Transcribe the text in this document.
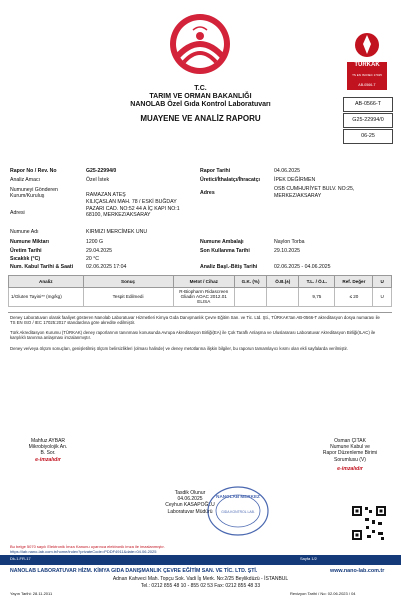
TÜRKAK
TS EN ISO/IEC 17025
AB-0566-T
T.C.
TARIM VE ORMAN BAKANLIĞI
NANOLAB Özel Gıda Kontrol Laboratuvarı
MUAYENE VE ANALİZ RAPORU
AB-0566-T
G25-22994/0
06-25
Rapor No / Rev. No	G25-22994/0
Analiz Amacı	Özel İstek
Numuneyi Gönderen Kurum/Kuruluş	RAMAZAN ATEŞ
Adresi
KILIÇASLAN MAH. 78 / ESKİ BUĞDAY PAZARI CAD. NO:52 44 A İÇ KAPI NO:1 68100, MERKEZ/AKSARAY
Numune Adı	KIRMIZI MERCİMEK UNU
Numune Miktarı	1200 G
Üretim Tarihi	29.04.2025
Sıcaklık (°C)	20 °C
Num. Kabul Tarihi & Saati 02.06.2025 17:04
Rapor Tarihi	04.06.2025
Üretici/İthalatçı/İhracatçı	İPEK DEĞİRMEN
Adres
OSB CUMHURİYET BULV. NO:25, MERKEZ/AKSARAY
Numune Ambalajı	Naylon Torba
Son Kullanma Tarihi	29.10.2025
Analiz Başl.-Bitiş Tarihi	02.06.2025 - 04.06.2025
Analiz	Sonuç	Metot / Cihaz	G.K. (%)	Ö.B.(±)	T.L. / Ö.L.	Ref. Değer	U
1/Gluten Tayini** (mg/kg)	Tespit Edilmedi	R-Biopharm Ridascreen Gliadin AOAC 2012.01 ELISA			9,75	≤ 20	U
Deney Laboratuvarı olarak faaliyet gösteren Nanolab Laboratuvar Hizmetleri Kimya Gıda Danışmanlık Çevre Eğitim San. ve Tic. Ltd. Şti., TÜRKAK'tan AB-0566-T akreditasyon dosya numarası ile TS EN ISO / IEC 17025:2017 standardına göre akredite edilmiştir.
Türk Akreditasyon Kurumu (TÜRKAK) deney raporlarının tanınması konusunda Avrupa Akreditasyon Birliği(EA) ile Çok Taraflı Anlaşma ve Uluslararası Laboratuvar Akreditasyon Birliği(ILAC) ile karşılıklı tanınma anlaşması imzalanmıştır.
Deney ve/veya ölçüm sonuçları, genişletilmiş ölçüm belirsizlikleri (olması halinde) ve deney metotlarına ilişkin bilgiler, bu raporun tamamlayıcı kısmı olan ekli sayfalarda verilmiştir.
Mahfuz AYBAR
Mikrobiyolojik An.
B. Sor.
e-imzalıdır
Osman ÇITAK
Numune Kabul ve
Rapor Düzenleme Birimi
Sorumlusu (V)
e-imzalıdır
Tasdik Olunur
04.06.2025
Ceyhun KASAPOĞLU
Laboratuvar Müdürü
NANOLAB MERKEZ
GIDA KONTROL LAB.
Bu belge 5070 sayılı Elektronik İmza Kanunu uyarınca elektronik imza ile imzalanmıştır.
https://lab.nano-lab.com.tr/home/index?privateCode=PDDF4911&date=04.06.2025
Dk-1.FR-17	Sayfa 1/2
NANOLAB LABORATUVAR HİZM. KİMYA GIDA DANIŞMANLIK ÇEVRE EĞİTİM SAN. VE TİC. LTD. ŞTİ.	www.nano-lab.com.tr
Adnan Kahveci Mah. Topçu Sok. Vadi İş Merk. No:2/25 Beylikdüzü - İSTANBUL
Tel.: 0212 855 48 10 - 855 02 53 Fax: 0212 855 48 33
Yayın Tarihi: 28.11.2011	Revizyon Tarihi / No: 02.06.2023 / 04
